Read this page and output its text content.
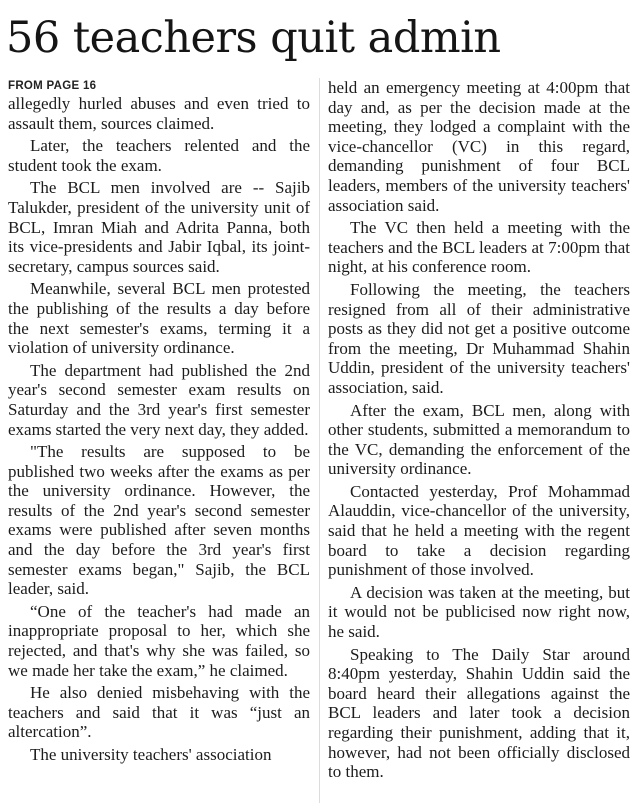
56 teachers quit admin
FROM PAGE 16

allegedly hurled abuses and even tried to assault them, sources claimed.

Later, the teachers relented and the student took the exam.

The BCL men involved are -- Sajib Talukder, president of the university unit of BCL, Imran Miah and Adrita Panna, both its vice-presidents and Jabir Iqbal, its joint-secretary, campus sources said.

Meanwhile, several BCL men protested the publishing of the results a day before the next semester's exams, terming it a violation of university ordinance.

The department had published the 2nd year's second semester exam results on Saturday and the 3rd year's first semester exams started the very next day, they added.

"The results are supposed to be published two weeks after the exams as per the university ordinance. However, the results of the 2nd year's second semester exams were published after seven months and the day before the 3rd year's first semester exams began," Sajib, the BCL leader, said.

“One of the teacher's had made an inappropriate proposal to her, which she rejected, and that's why she was failed, so we made her take the exam,” he claimed.

He also denied misbehaving with the teachers and said that it was “just an altercation”.

The university teachers' association

held an emergency meeting at 4:00pm that day and, as per the decision made at the meeting, they lodged a complaint with the vice-chancellor (VC) in this regard, demanding punishment of four BCL leaders, members of the university teachers' association said.

The VC then held a meeting with the teachers and the BCL leaders at 7:00pm that night, at his conference room.

Following the meeting, the teachers resigned from all of their administrative posts as they did not get a positive outcome from the meeting, Dr Muhammad Shahin Uddin, president of the university teachers' association, said.

After the exam, BCL men, along with other students, submitted a memorandum to the VC, demanding the enforcement of the university ordinance.

Contacted yesterday, Prof Mohammad Alauddin, vice-chancellor of the university, said that he held a meeting with the regent board to take a decision regarding punishment of those involved.

A decision was taken at the meeting, but it would not be publicised now right now, he said.

Speaking to The Daily Star around 8:40pm yesterday, Shahin Uddin said the board heard their allegations against the BCL leaders and later took a decision regarding their punishment, adding that it, however, had not been officially disclosed to them.
